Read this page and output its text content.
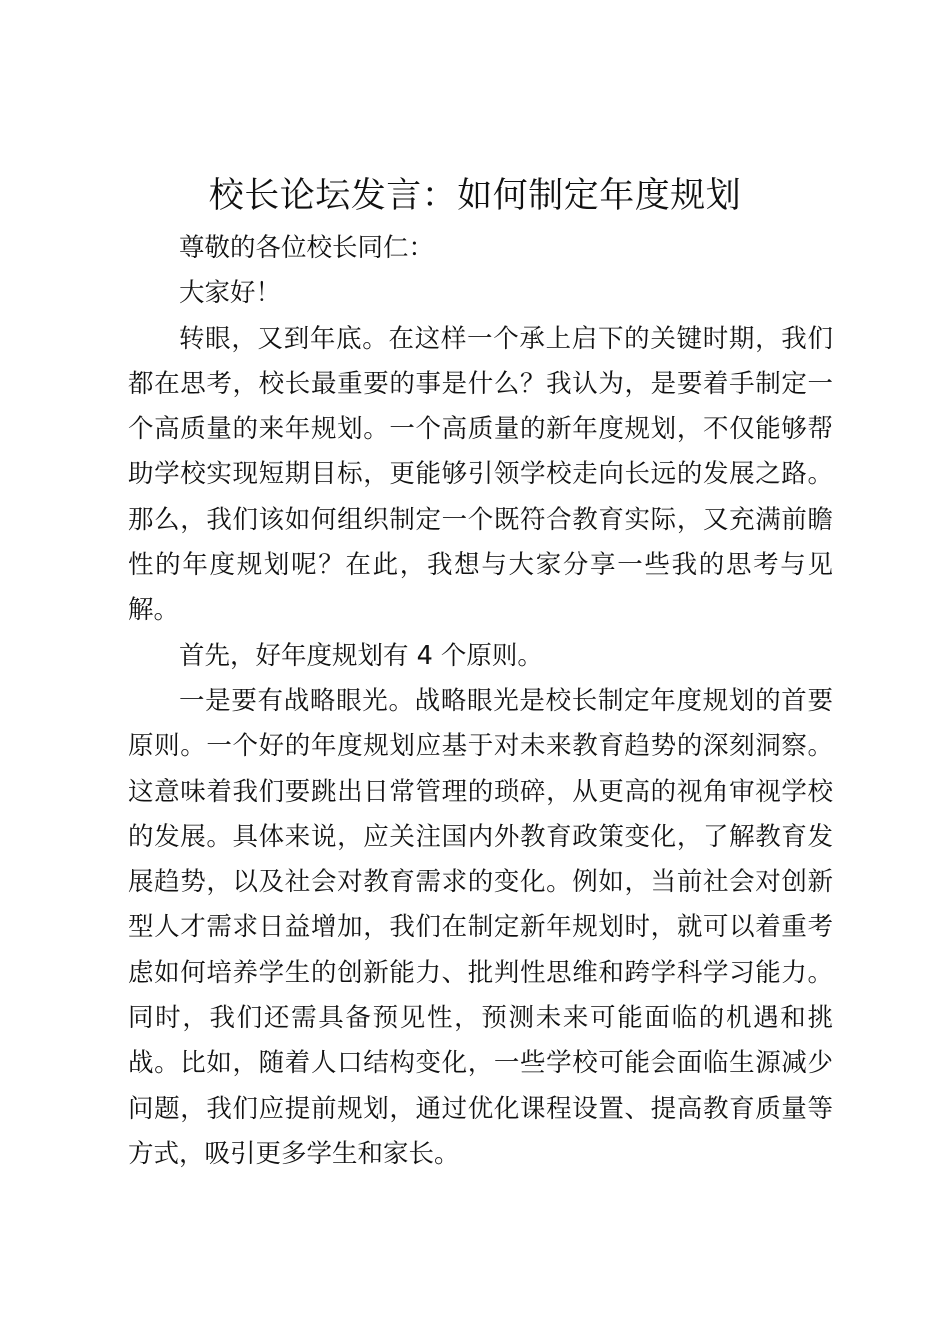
校长论坛发言：如何制定年度规划

尊敬的各位校长同仁：

大家好！

转眼，又到年底。在这样一个承上启下的关键时期，我们都在思考，校长最重要的事是什么？我认为，是要着手制定一个高质量的来年规划。一个高质量的新年度规划，不仅能够帮助学校实现短期目标，更能够引领学校走向长远的发展之路。那么，我们该如何组织制定一个既符合教育实际，又充满前瞻性的年度规划呢？在此，我想与大家分享一些我的思考与见解。

首先，好年度规划有 4 个原则。

一是要有战略眼光。战略眼光是校长制定年度规划的首要原则。一个好的年度规划应基于对未来教育趋势的深刻洞察。这意味着我们要跳出日常管理的琐碎，从更高的视角审视学校的发展。具体来说，应关注国内外教育政策变化，了解教育发展趋势，以及社会对教育需求的变化。例如，当前社会对创新型人才需求日益增加，我们在制定新年规划时，就可以着重考虑如何培养学生的创新能力、批判性思维和跨学科学习能力。同时，我们还需具备预见性，预测未来可能面临的机遇和挑战。比如，随着人口结构变化，一些学校可能会面临生源减少问题，我们应提前规划，通过优化课程设置、提高教育质量等方式，吸引更多学生和家长。
